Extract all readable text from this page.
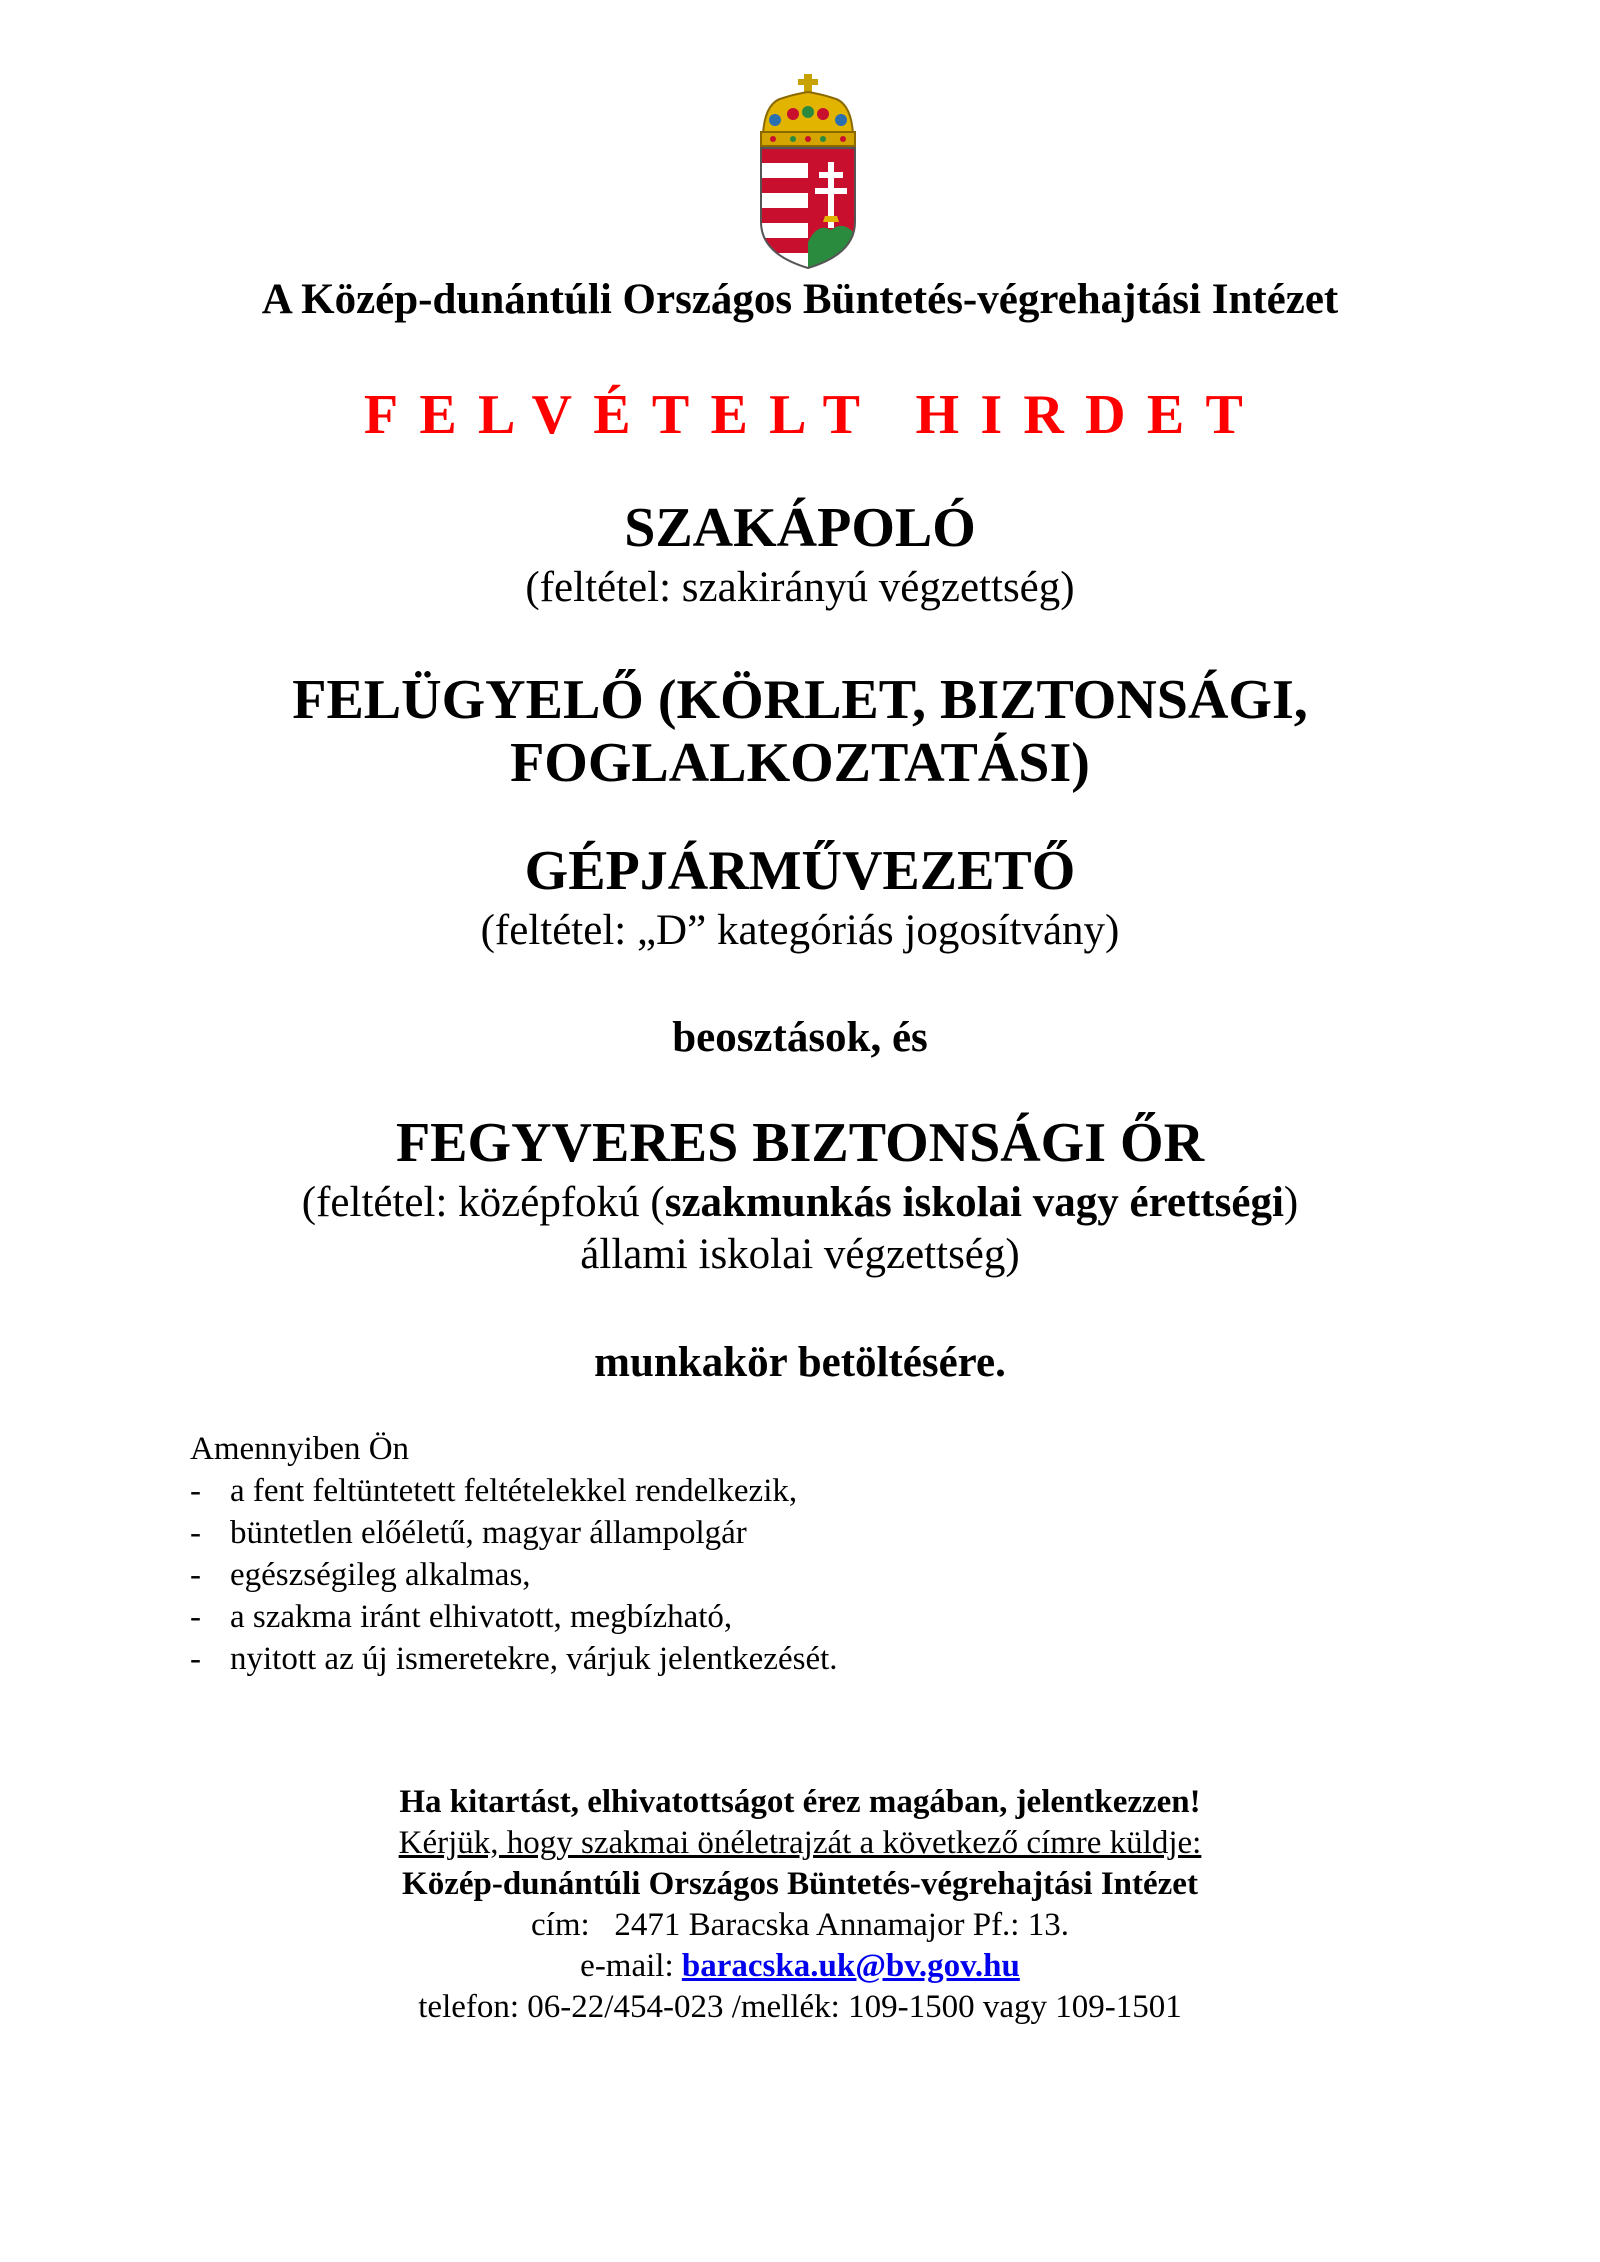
A Közép-dunántúli Országos Büntetés-végrehajtási Intézet
FELVÉTELT HIRDET
SZAKÁPOLÓ
(feltétel: szakirányú végzettség)
FELÜGYELŐ (KÖRLET, BIZTONSÁGI,
FOGLALKOZTATÁSI)
GÉPJÁRMŰVEZETŐ
(feltétel: „D” kategóriás jogosítvány)
beosztások, és
FEGYVERES BIZTONSÁGI ŐR
(feltétel: középfokú (szakmunkás iskolai vagy érettségi)
állami iskolai végzettség)
munkakör betöltésére.
Amennyiben Ön
- a fent feltüntetett feltételekkel rendelkezik,
- büntetlen előéletű, magyar állampolgár
- egészségileg alkalmas,
- a szakma iránt elhivatott, megbízható,
- nyitott az új ismeretekre, várjuk jelentkezését.
Ha kitartást, elhivatottságot érez magában, jelentkezzen!
Kérjük, hogy szakmai önéletrajzát a következő címre küldje:
Közép-dunántúli Országos Büntetés-végrehajtási Intézet
cím:   2471 Baracska Annamajor Pf.: 13.
e-mail: baracska.uk@bv.gov.hu
telefon: 06-22/454-023 /mellék: 109-1500 vagy 109-1501
